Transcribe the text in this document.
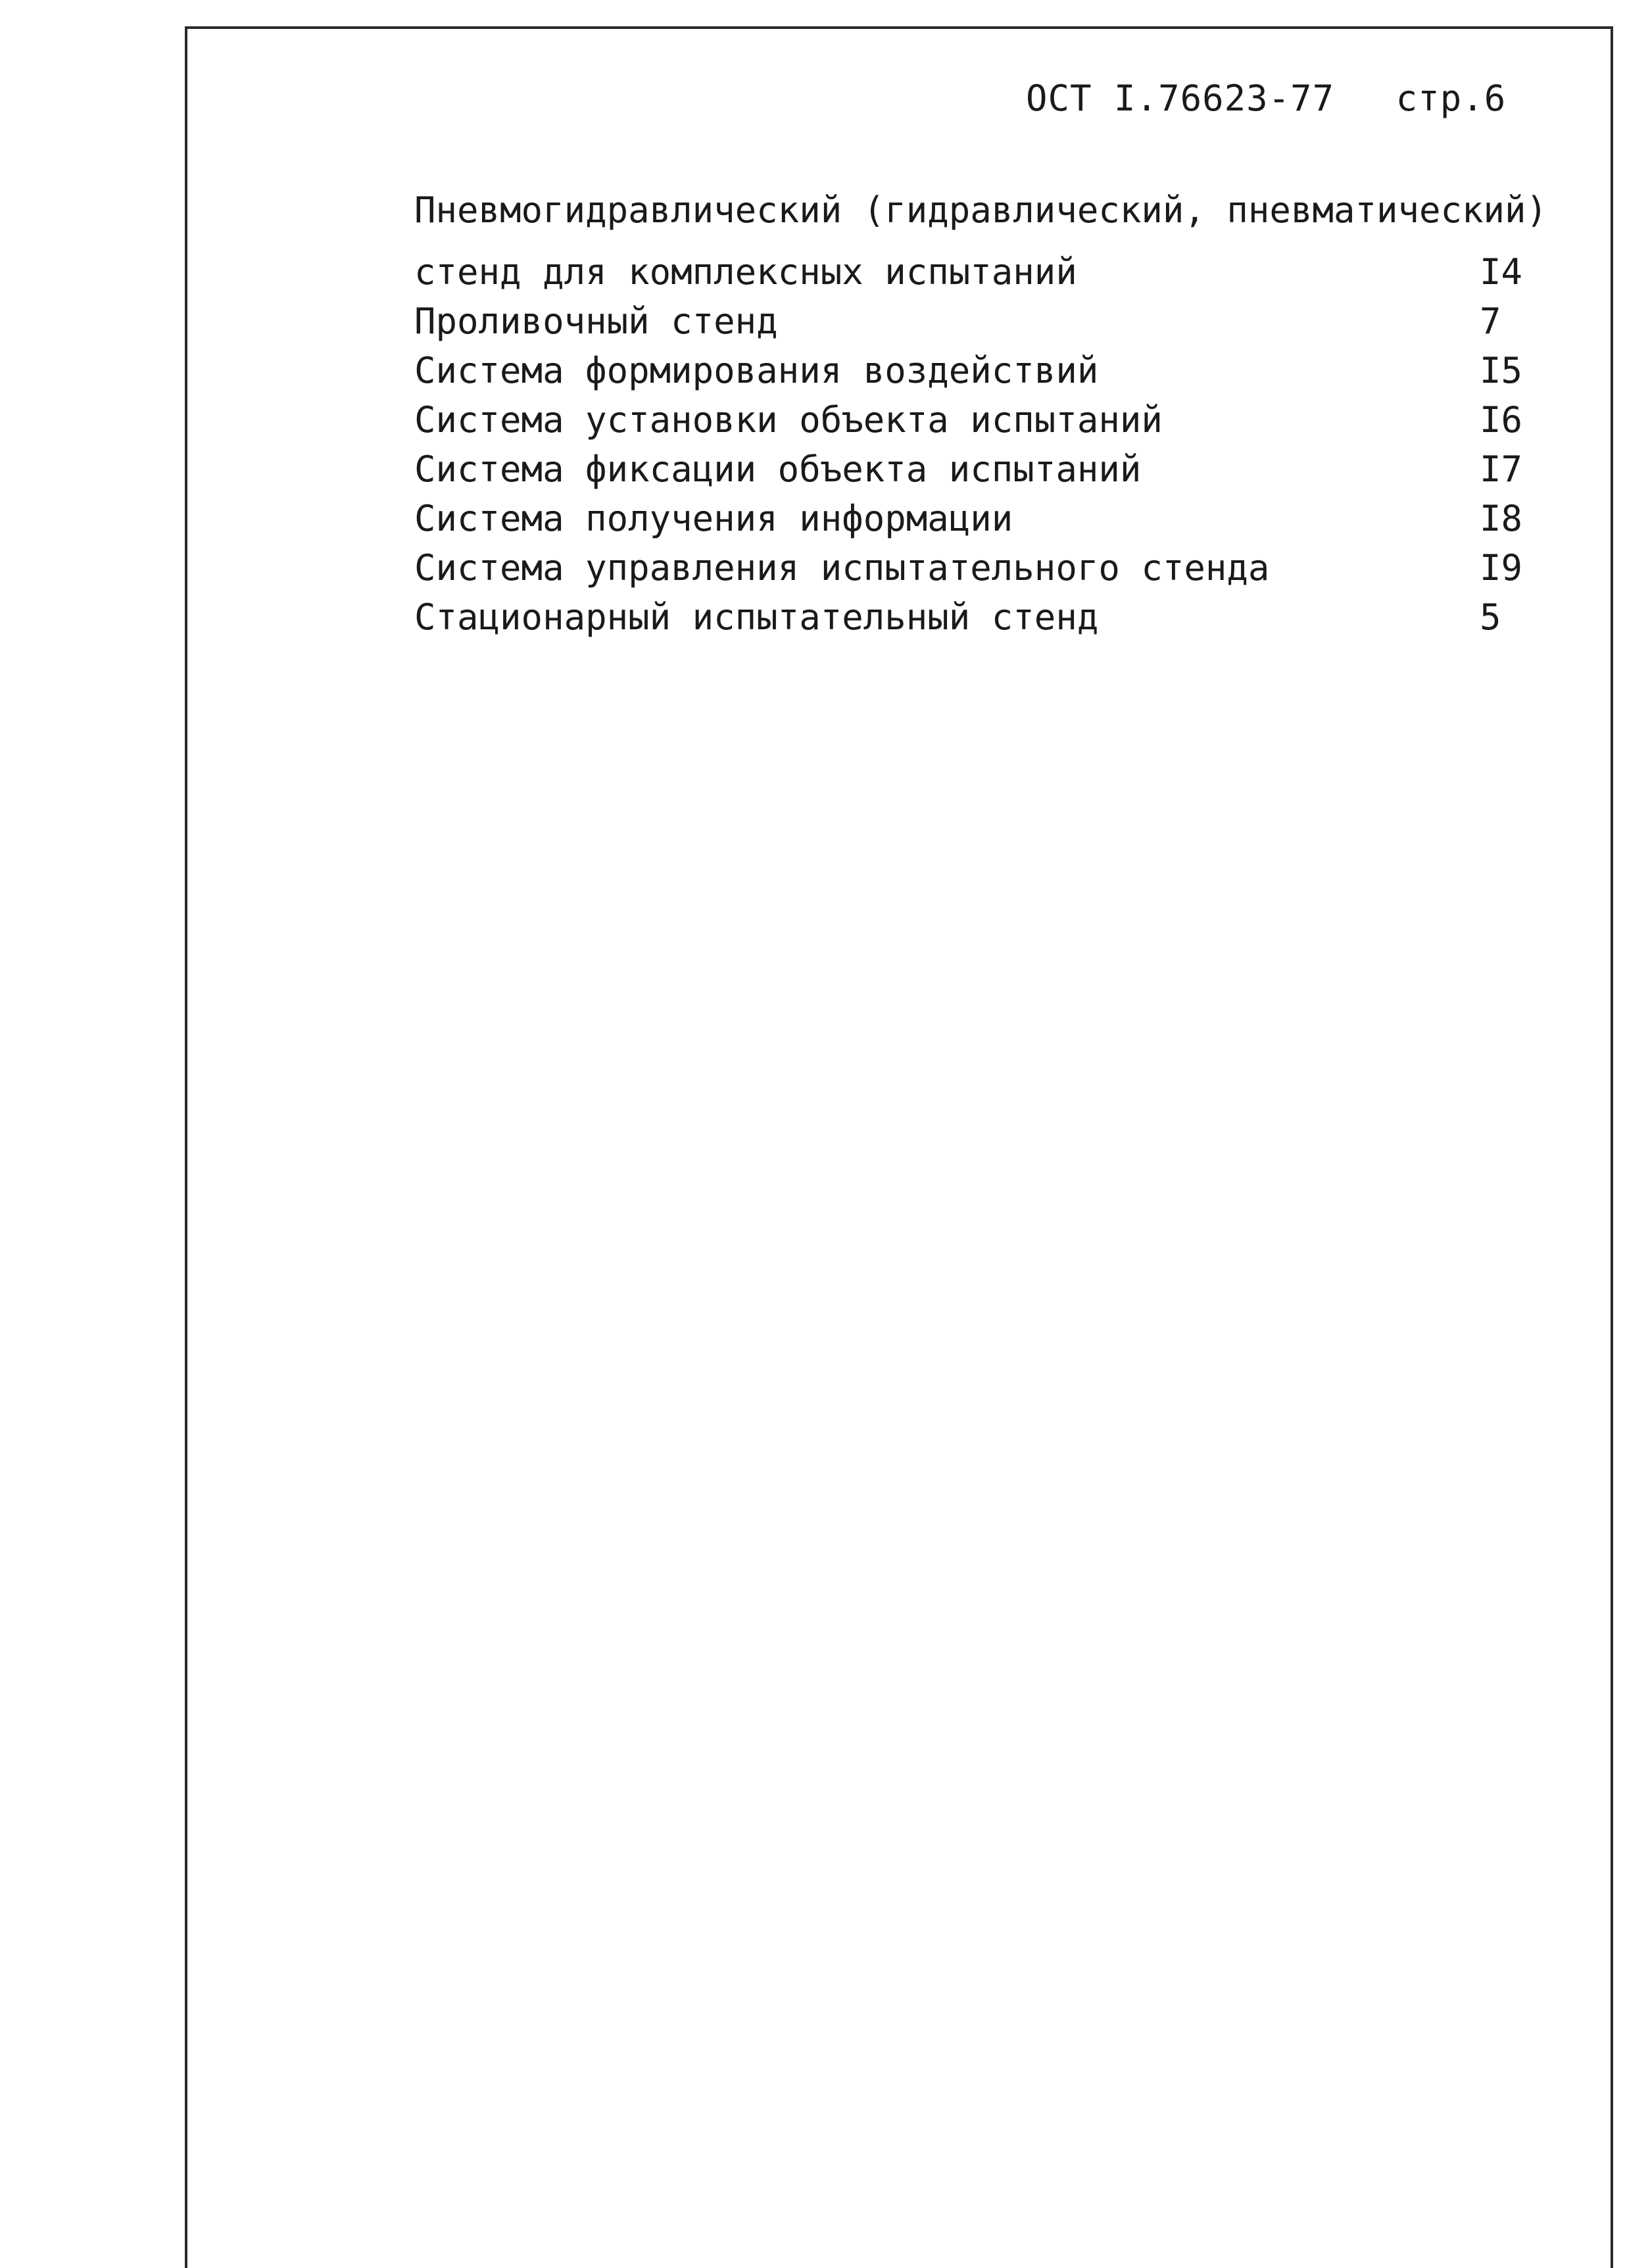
ОСТ I.76623-77 стр.6
Пневмогидравлический (гидравлический, пневматический)
стенд для комплексных испытаний	I4
Проливочный стенд	7
Система формирования воздействий	I5
Система установки объекта испытаний	I6
Система фиксации объекта испытаний	I7
Система получения информации	I8
Система управления испытательного стенда	I9
Стационарный испытательный стенд	5
